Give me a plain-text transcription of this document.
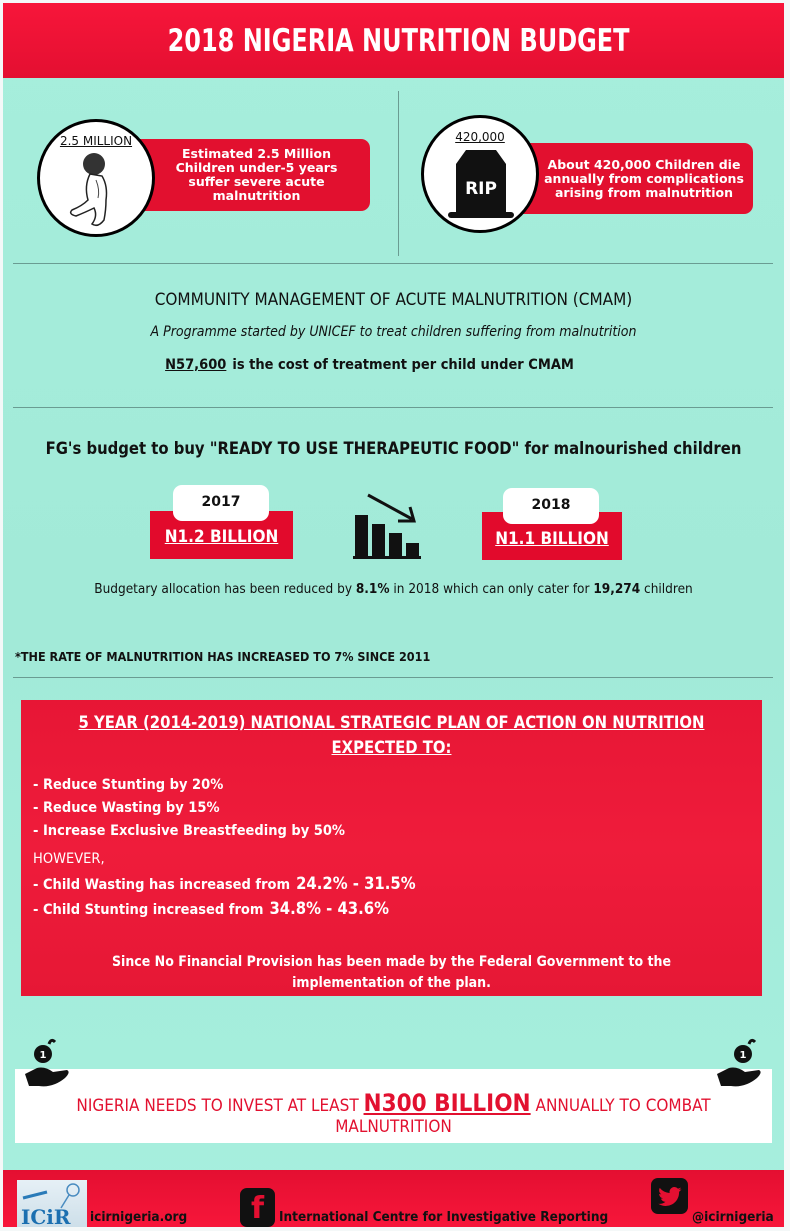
2018 NIGERIA NUTRITION BUDGET
Estimated 2.5 Million
Children under-5 years
suffer severe acute
malnutrition
2.5 MILLION
About 420,000 Children die
annually from complications
arising from malnutrition
420,000
RIP
COMMUNITY MANAGEMENT OF ACUTE MALNUTRITION (CMAM)
A Programme started by UNICEF to treat children suffering from malnutrition
N57,600 is the cost of treatment per child under CMAM
FG's budget to buy "READY TO USE THERAPEUTIC FOOD" for malnourished children
N1.2 BILLION
2017
N1.1 BILLION
2018
Budgetary allocation has been reduced by 8.1% in 2018 which can only cater for 19,274 children
*THE RATE OF MALNUTRITION HAS INCREASED TO 7% SINCE 2011
5 YEAR (2014-2019) NATIONAL STRATEGIC PLAN OF ACTION ON NUTRITION
EXPECTED TO:
- Reduce Stunting by 20%
- Reduce Wasting by 15%
- Increase Exclusive Breastfeeding by 50%
HOWEVER,
- Child Wasting has increased from 24.2% - 31.5%
- Child Stunting increased from 34.8% - 43.6%
Since No Financial Provision has been made by the Federal Government to the
implementation of the plan.
NIGERIA NEEDS TO INVEST AT LEAST N300 BILLION ANNUALLY TO COMBAT
MALNUTRITION
1	1
ICiR icirnigeria.org f International Centre for Investigative Reporting	@icirnigeria
